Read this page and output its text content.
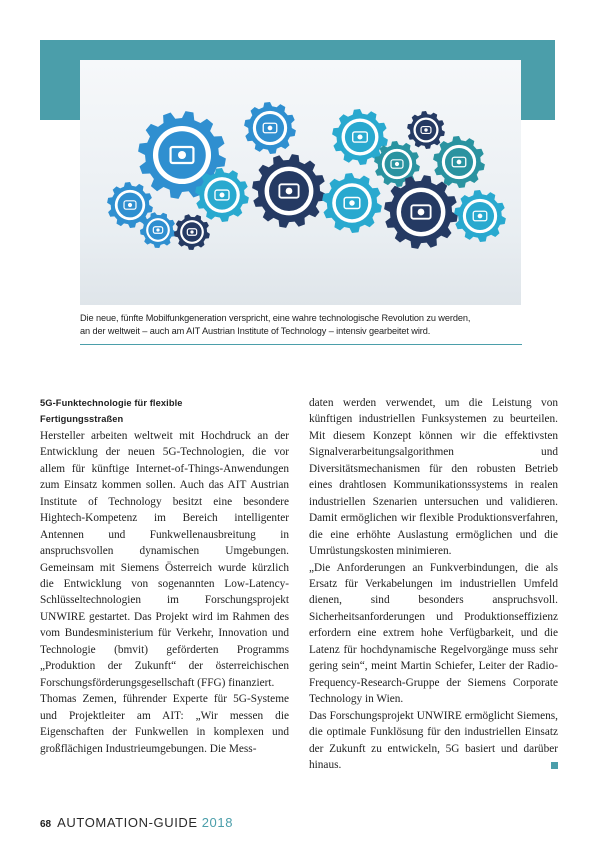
Die neue, fünfte Mobilfunkgeneration verspricht, eine wahre technologische Revolution zu werden,
an der weltweit – auch am AIT Austrian Institute of Technology – intensiv gearbeitet wird.
5G-Funktechnologie für flexible
Fertigungsstraßen

Hersteller arbeiten weltweit mit Hochdruck an der Entwicklung der neuen 5G-Technologien, die vor allem für künftige Internet-of-Things-Anwendungen zum Einsatz kommen sollen. Auch das AIT Austrian Institute of Technology besitzt eine besondere Hightech-Kompetenz im Bereich intelligenter Antennen und Funkwellenausbreitung in anspruchsvollen dynamischen Umgebungen. Gemeinsam mit Siemens Österreich wurde kürzlich die Entwicklung von sogenannten Low-Latency-Schlüsseltechnologien im Forschungsprojekt UNWIRE gestartet. Das Projekt wird im Rahmen des vom Bundesministerium für Verkehr, Innovation und Technologie (bmvit) geförderten Programms „Produktion der Zukunft“ der österreichischen Forschungsförderungsgesellschaft (FFG) finanziert.

Thomas Zemen, führender Experte für 5G-Systeme und Projektleiter am AIT: „Wir messen die Eigenschaften der Funkwellen in komplexen und großflächigen Industrieumgebungen. Die Mess-

daten werden verwendet, um die Leistung von künftigen industriellen Funksystemen zu beurteilen. Mit diesem Konzept können wir die effektivsten Signalverarbeitungsalgorithmen und Diversitätsmechanismen für den robusten Betrieb eines drahtlosen Kommunikationssystems in realen industriellen Szenarien untersuchen und validieren. Damit ermöglichen wir flexible Produktionsverfahren, die eine erhöhte Auslastung ermöglichen und die Umrüstungskosten minimieren.

„Die Anforderungen an Funkverbindungen, die als Ersatz für Verkabelungen im industriellen Umfeld dienen, sind besonders anspruchsvoll. Sicherheitsanforderungen und Produktionseffizienz erfordern eine extrem hohe Verfügbarkeit, und die Latenz für hochdynamische Regelvorgänge muss sehr gering sein“, meint Martin Schiefer, Leiter der Radio-Frequency-Research-Gruppe der Siemens Corporate Technology in Wien.

Das Forschungsprojekt UNWIRE ermöglicht Siemens, die optimale Funklösung für den industriellen Einsatz der Zukunft zu entwickeln, 5G basiert und darüber hinaus.

68 AUTOMATION-GUIDE 2018
